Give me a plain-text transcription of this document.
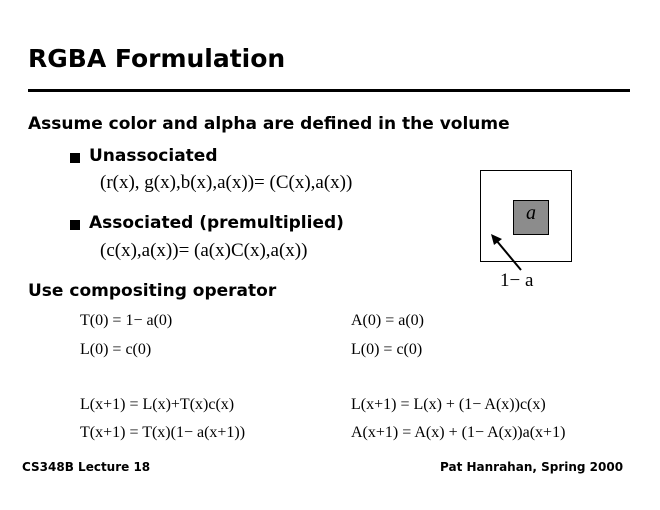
RGBA Formulation
Assume color and alpha are defined in the volume
Unassociated
(r(x), g(x),b(x),a(x))= (C(x),a(x))
Associated (premultiplied)
(c(x),a(x))= (a(x)C(x),a(x))
Use compositing operator
T(0) = 1− a(0)
L(0) = c(0)
L(x+1) = L(x)+T(x)c(x)
T(x+1) = T(x)(1− a(x+1))
A(0) = a(0)
L(0) = c(0)
L(x+1) = L(x) + (1− A(x))c(x)
A(x+1) = A(x) + (1− A(x))a(x+1)
a
1− a
CS348B Lecture 18	Pat Hanrahan, Spring 2000
